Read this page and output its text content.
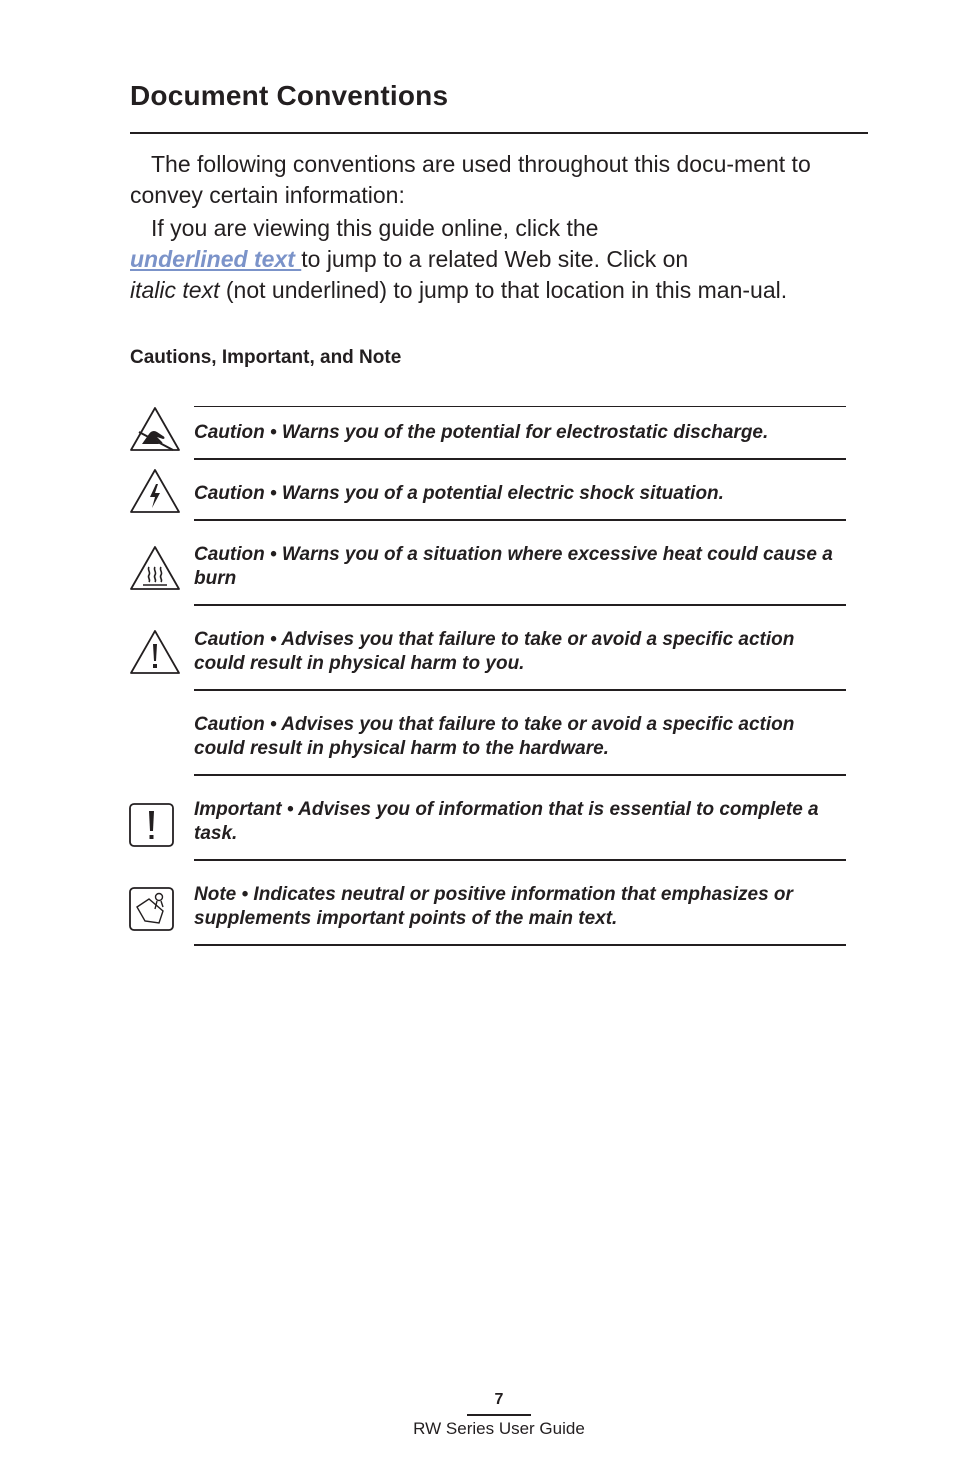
Document Conventions

The following conventions are used throughout this docu-ment to convey certain information:

If you are viewing this guide online, click the
underlined text to jump to a related Web site. Click on
italic text (not underlined) to jump to that location in this man-ual.

Cautions, Important, and Note

Caution • Warns you of the potential for electrostatic discharge.

Caution • Warns you of a potential electric shock situation.

Caution • Warns you of a situation where excessive heat could cause a burn

Caution • Advises you that failure to take or avoid a specific action could result in physical harm to you.

Caution • Advises you that failure to take or avoid a specific action could result in physical harm to the hardware.

Important • Advises you of information that is essential to complete a task.

Note • Indicates neutral or positive information that emphasizes or supplements important points of the main text.

7
RW Series User Guide
